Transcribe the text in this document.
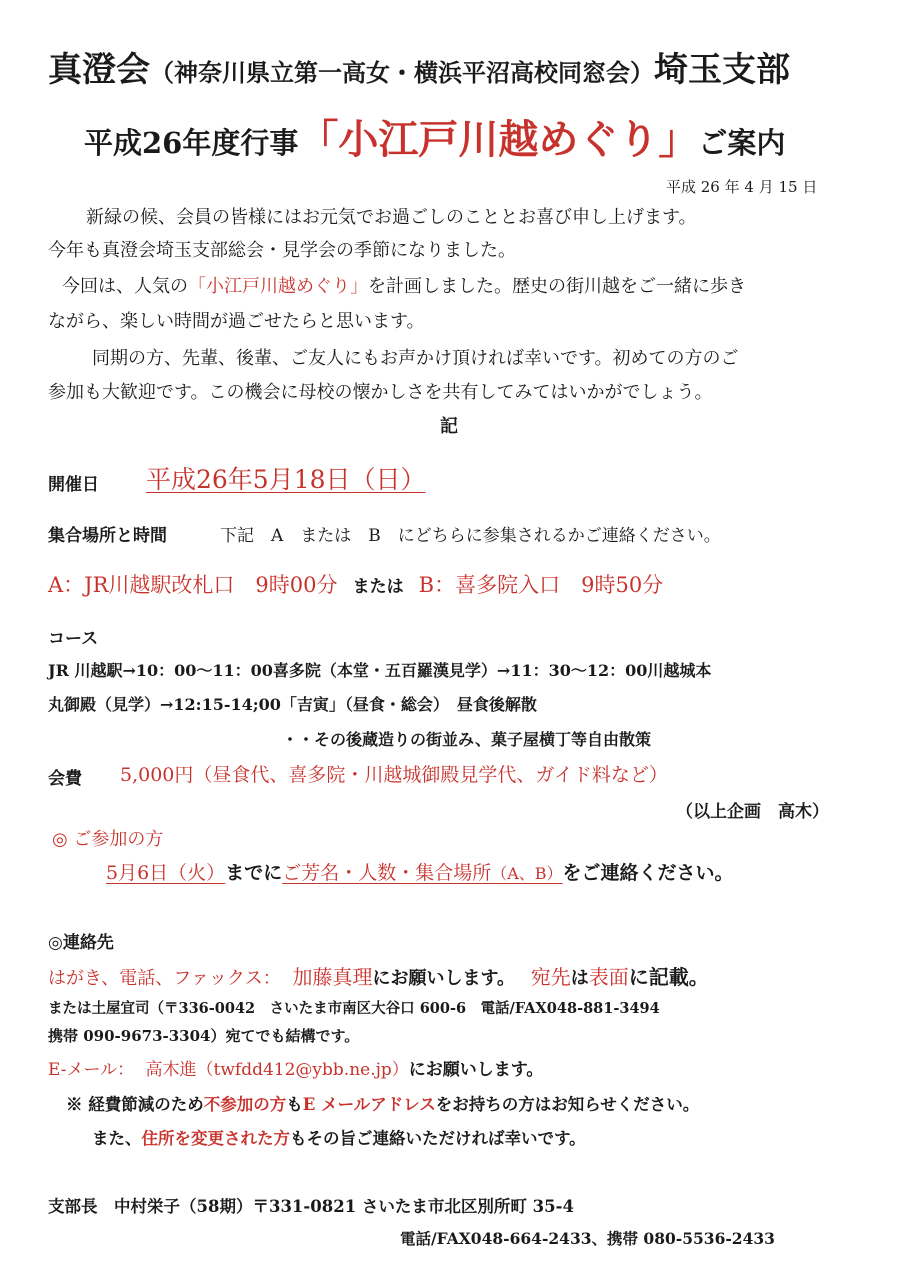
真澄会（神奈川県立第一高女・横浜平沼高校同窓会）埼玉支部
平成26年度行事「小江戸川越めぐり」ご案内
平成 26 年 4 月 15 日
新緑の候、会員の皆様にはお元気でお過ごしのこととお喜び申し上げます。
今年も真澄会埼玉支部総会・見学会の季節になりました。
今回は、人気の「小江戸川越めぐり」を計画しました。歴史の街川越をご一緒に歩き
ながら、楽しい時間が過ごせたらと思います。
同期の方、先輩、後輩、ご友人にもお声かけ頂ければ幸いです。初めての方のご
参加も大歓迎です。この機会に母校の懐かしさを共有してみてはいかがでしょう。
記
開催日 平成26年5月18日（日）
集合場所と時間	下記　A　または　B　にどちらに参集されるかご連絡ください。
A：JR川越駅改札口　9時00分 または B：喜多院入口　9時50分
コース
JR 川越駅→10：00～11：00喜多院（本堂・五百羅漢見学）→11：30～12：00川越城本
丸御殿（見学）→12:15-14;00「吉寅」（昼食・総会）　昼食後解散
・・その後蔵造りの街並み、菓子屋横丁等自由散策
会費 5,000円（昼食代、喜多院・川越城御殿見学代、ガイド料など）
（以上企画　高木）
◎ ご参加の方
5月6日（火）までにご芳名・人数・集合場所（A、B）をご連絡ください。
◎連絡先
はがき、電話、ファックス： 加藤真理にお願いします。 宛先は表面に記載。
または土屋宜司（〒336-0042　さいたま市南区大谷口 600-6　電話/FAX048-881-3494
携帯 090-9673-3304）宛てでも結構です。
E-メール： 高木進（twfdd412@ybb.ne.jp）にお願いします。
※ 経費節減のため不参加の方もE メールアドレスをお持ちの方はお知らせください。
また、住所を変更された方もその旨ご連絡いただければ幸いです。
支部長　中村栄子（58期）〒331-0821 さいたま市北区別所町 35-4
電話/FAX048-664-2433、携帯 080-5536-2433
